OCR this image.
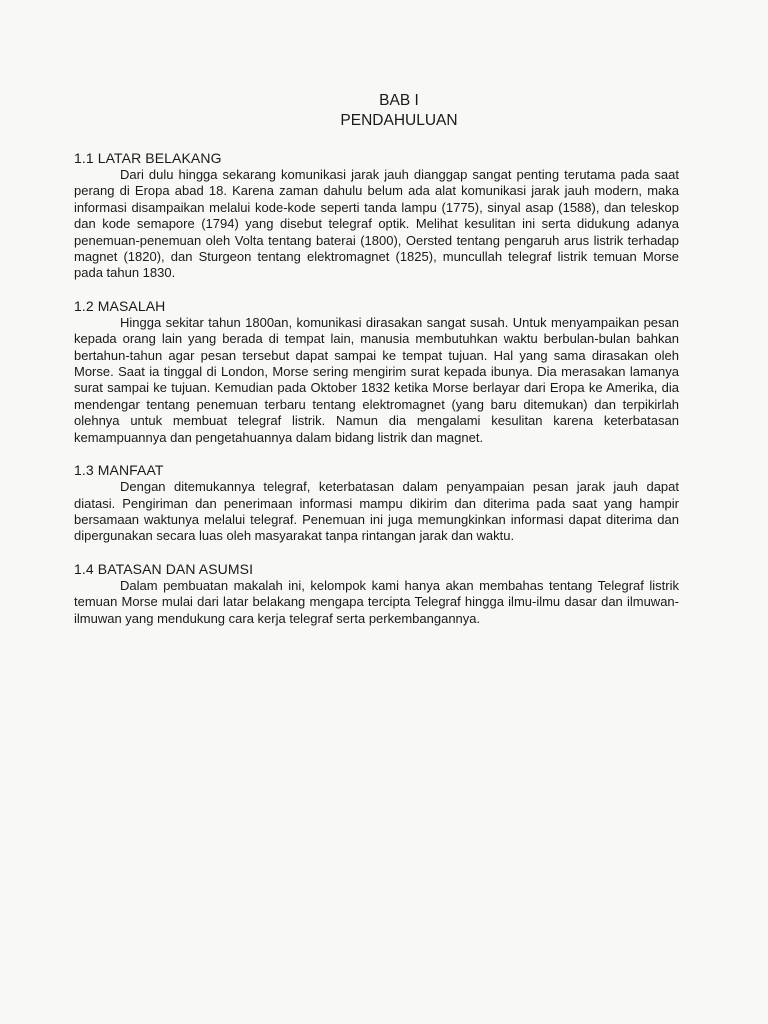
BAB I
PENDAHULUAN
1.1 LATAR BELAKANG

Dari dulu hingga sekarang komunikasi jarak jauh dianggap sangat penting terutama pada saat perang di Eropa abad 18. Karena zaman dahulu belum ada alat komunikasi jarak jauh modern, maka informasi disampaikan melalui kode-kode seperti tanda lampu (1775), sinyal asap (1588), dan teleskop dan kode semapore (1794) yang disebut telegraf optik. Melihat kesulitan ini serta didukung adanya penemuan-penemuan oleh Volta tentang baterai (1800), Oersted tentang pengaruh arus listrik terhadap magnet (1820), dan Sturgeon tentang elektromagnet (1825), muncullah telegraf listrik temuan Morse pada tahun 1830.

1.2 MASALAH

Hingga sekitar tahun 1800an, komunikasi dirasakan sangat susah. Untuk menyampaikan pesan kepada orang lain yang berada di tempat lain, manusia membutuhkan waktu berbulan-bulan bahkan bertahun-tahun agar pesan tersebut dapat sampai ke tempat tujuan. Hal yang sama dirasakan oleh Morse. Saat ia tinggal di London, Morse sering mengirim surat kepada ibunya. Dia merasakan lamanya surat sampai ke tujuan. Kemudian pada Oktober 1832 ketika Morse berlayar dari Eropa ke Amerika, dia mendengar tentang penemuan terbaru tentang elektromagnet (yang baru ditemukan) dan terpikirlah olehnya untuk membuat telegraf listrik. Namun dia mengalami kesulitan karena keterbatasan kemampuannya dan pengetahuannya dalam bidang listrik dan magnet.

1.3 MANFAAT

Dengan ditemukannya telegraf, keterbatasan dalam penyampaian pesan jarak jauh dapat diatasi. Pengiriman dan penerimaan informasi mampu dikirim dan diterima pada saat yang hampir bersamaan waktunya melalui telegraf. Penemuan ini juga memungkinkan informasi dapat diterima dan dipergunakan secara luas oleh masyarakat tanpa rintangan jarak dan waktu.

1.4 BATASAN DAN ASUMSI

Dalam pembuatan makalah ini, kelompok kami hanya akan membahas tentang Telegraf listrik temuan Morse mulai dari latar belakang mengapa tercipta Telegraf hingga ilmu-ilmu dasar dan ilmuwan-ilmuwan yang mendukung cara kerja telegraf serta perkembangannya.
